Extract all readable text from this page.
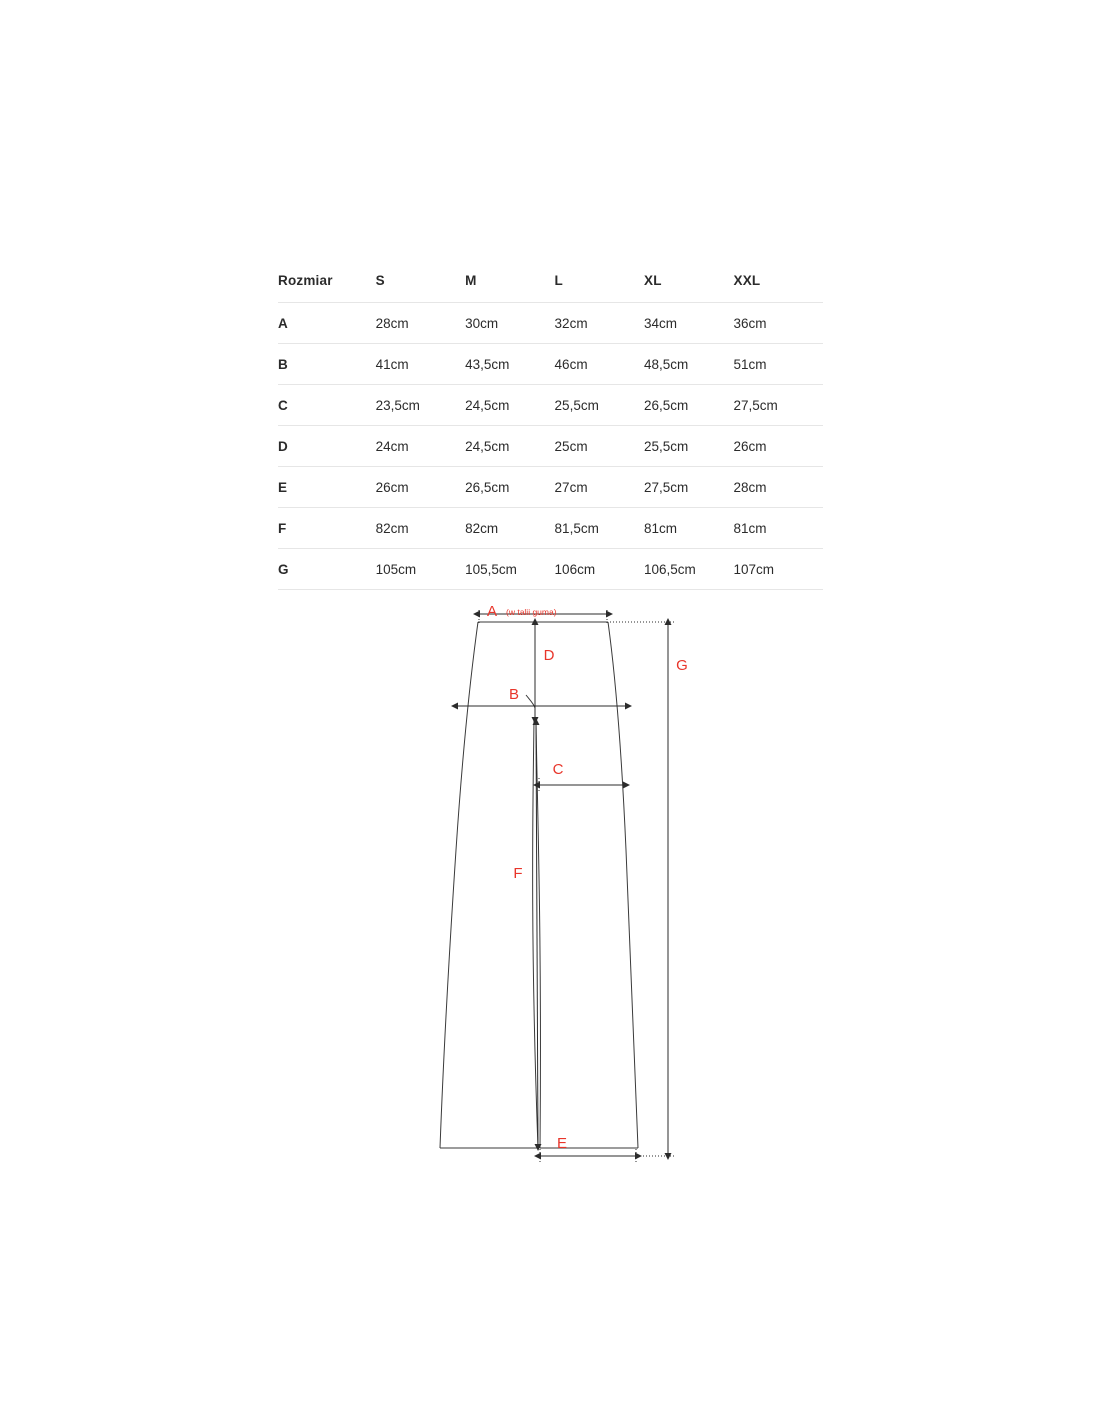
Rozmiar	S	M	L	XL	XXL
A	28cm	30cm	32cm	34cm	36cm
B	41cm	43,5cm	46cm	48,5cm	51cm
C	23,5cm	24,5cm	25,5cm	26,5cm	27,5cm
D	24cm	24,5cm	25cm	25,5cm	26cm
E	26cm	26,5cm	27cm	27,5cm	28cm
F	82cm	82cm	81,5cm	81cm	81cm
G	105cm	105,5cm	106cm	106,5cm	107cm
A (w talii guma)
B
D
C
F
E
G
